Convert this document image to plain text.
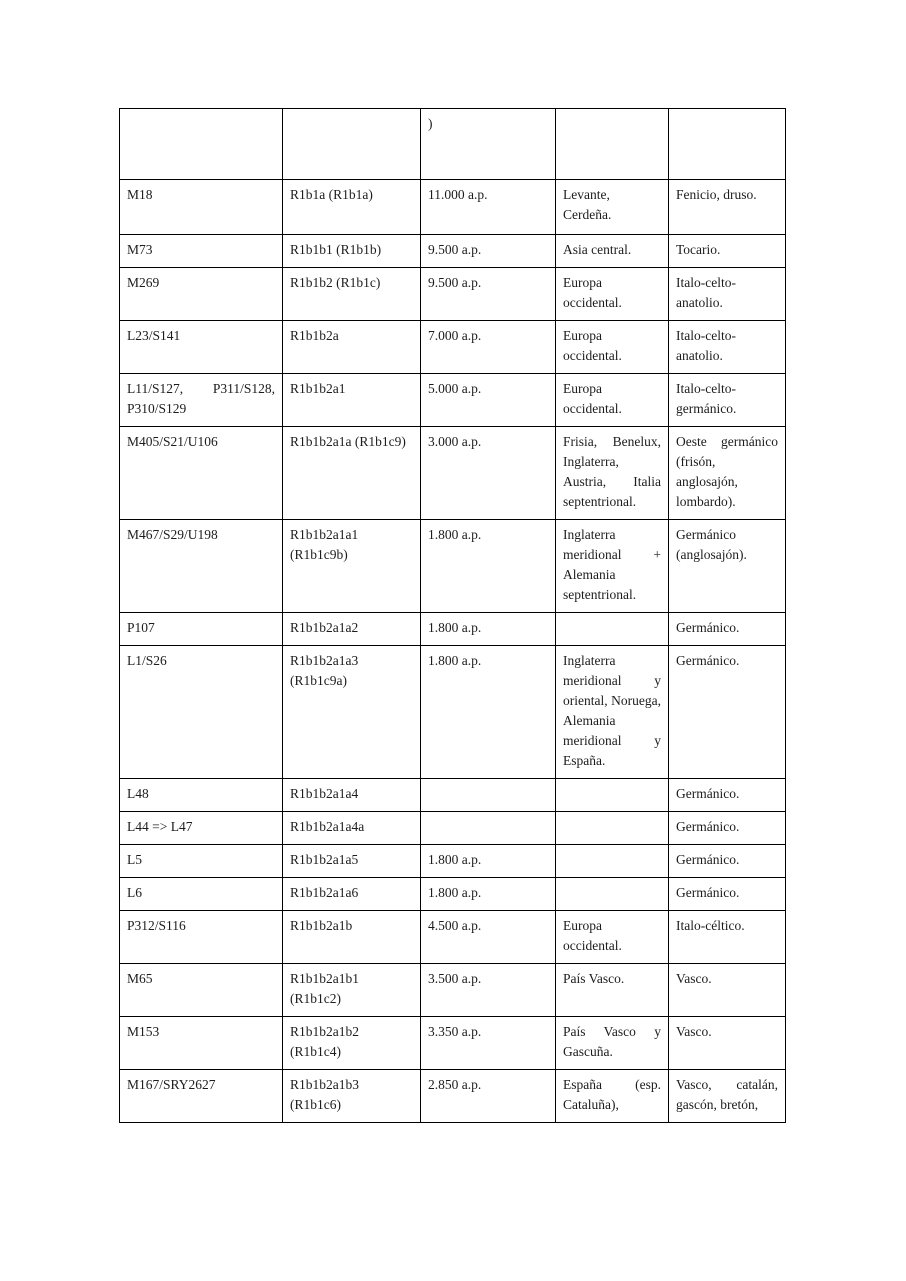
		)		
M18	R1b1a (R1b1a)	11.000 a.p.	Levante, Cerdeña.	Fenicio, druso.
M73	R1b1b1 (R1b1b)	9.500 a.p.	Asia central.	Tocario.
M269	R1b1b2 (R1b1c)	9.500 a.p.	Europa occidental.	Italo-celto-anatolio.
L23/S141	R1b1b2a	7.000 a.p.	Europa occidental.	Italo-celto-anatolio.
L11/S127, P311/S128, P310/S129	R1b1b2a1	5.000 a.p.	Europa occidental.	Italo-celto-germánico.
M405/S21/U106	R1b1b2a1a (R1b1c9)	3.000 a.p.	Frisia, Benelux, Inglaterra, Austria, Italia septentrional.	Oeste germánico (frisón, anglosajón, lombardo).
M467/S29/U198	R1b1b2a1a1 (R1b1c9b)	1.800 a.p.	Inglaterra meridional + Alemania septentrional.	Germánico (anglosajón).
P107	R1b1b2a1a2	1.800 a.p.		Germánico.
L1/S26	R1b1b2a1a3 (R1b1c9a)	1.800 a.p.	Inglaterra meridional y oriental, Noruega, Alemania meridional y España.	Germánico.
L48	R1b1b2a1a4			Germánico.
L44 => L47	R1b1b2a1a4a			Germánico.
L5	R1b1b2a1a5	1.800 a.p.		Germánico.
L6	R1b1b2a1a6	1.800 a.p.		Germánico.
P312/S116	R1b1b2a1b	4.500 a.p.	Europa occidental.	Italo-céltico.
M65	R1b1b2a1b1 (R1b1c2)	3.500 a.p.	País Vasco.	Vasco.
M153	R1b1b2a1b2 (R1b1c4)	3.350 a.p.	País Vasco y Gascuña.	Vasco.
M167/SRY2627	R1b1b2a1b3 (R1b1c6)	2.850 a.p.	España (esp. Cataluña),	Vasco, catalán, gascón, bretón,
